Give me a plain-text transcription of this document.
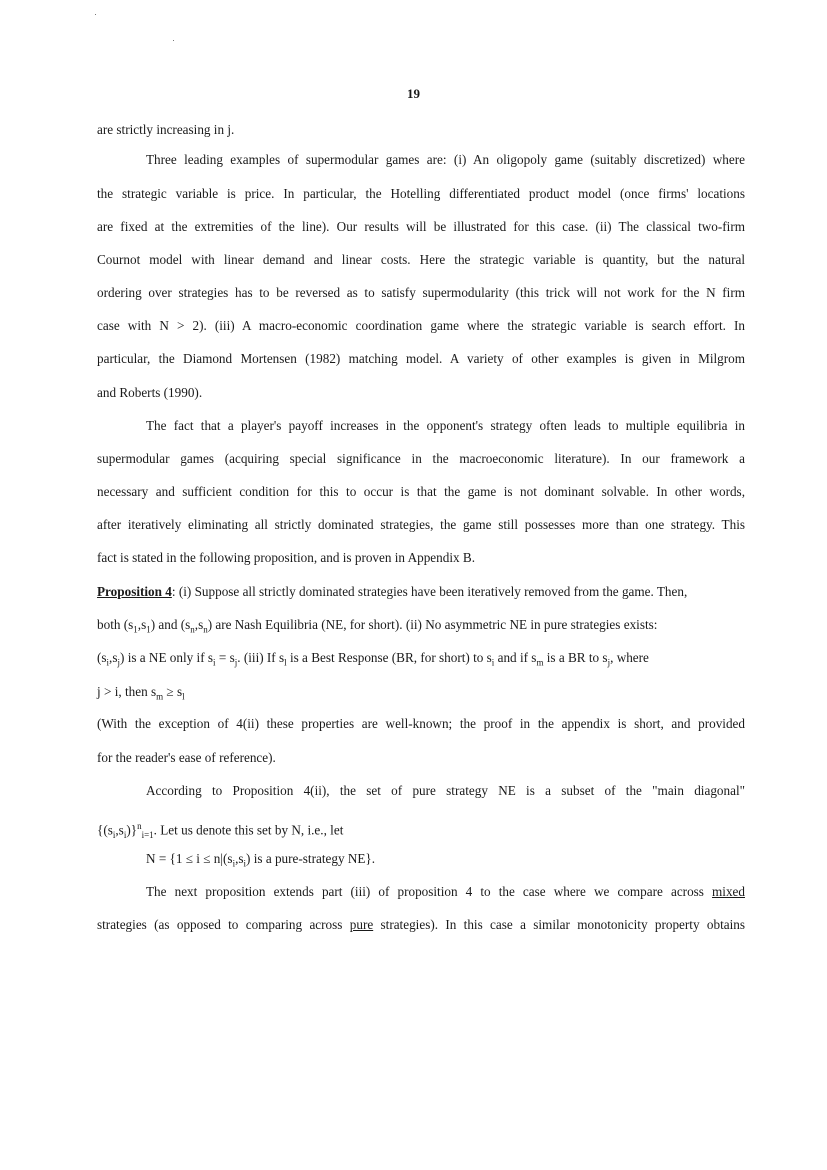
19
are strictly increasing in j.
Three leading examples of supermodular games are: (i) An oligopoly game (suitably discretized) where
the strategic variable is price. In particular, the Hotelling differentiated product model (once firms' locations
are fixed at the extremities of the line). Our results will be illustrated for this case. (ii) The classical two-firm
Cournot model with linear demand and linear costs. Here the strategic variable is quantity, but the natural
ordering over strategies has to be reversed as to satisfy supermodularity (this trick will not work for the N firm
case with N > 2). (iii) A macro-economic coordination game where the strategic variable is search effort. In
particular, the Diamond Mortensen (1982) matching model. A variety of other examples is given in Milgrom
and Roberts (1990).
The fact that a player's payoff increases in the opponent's strategy often leads to multiple equilibria in
supermodular games (acquiring special significance in the macroeconomic literature). In our framework a
necessary and sufficient condition for this to occur is that the game is not dominant solvable. In other words,
after iteratively eliminating all strictly dominated strategies, the game still possesses more than one strategy. This
fact is stated in the following proposition, and is proven in Appendix B.
Proposition 4: (i) Suppose all strictly dominated strategies have been iteratively removed from the game. Then,
both $(s_1,s_1)$ and $(s_n,s_n)$ are Nash Equilibria (NE, for short). (ii) No asymmetric NE in pure strategies exists:
$(s_i,s_j)$ is a NE only if $s_i = s_j$. (iii) If $s_l$ is a Best Response (BR, for short) to $s_i$ and if $s_m$ is a BR to $s_j$, where
j > i, then $s_m \ge s_l$
(With the exception of 4(ii) these properties are well-known; the proof in the appendix is short, and provided
for the reader's ease of reference).
According to Proposition 4(ii), the set of pure strategy NE is a subset of the "main diagonal"
$\{(s_i,s_i)\}^n_{i=1}$. Let us denote this set by N, i.e., let
$N = \{1 \le i \le n|(s_i,s_i)$ is a pure-strategy NE}.
The next proposition extends part (iii) of proposition 4 to the case where we compare across mixed
strategies (as opposed to comparing across pure strategies). In this case a similar monotonicity property obtains
